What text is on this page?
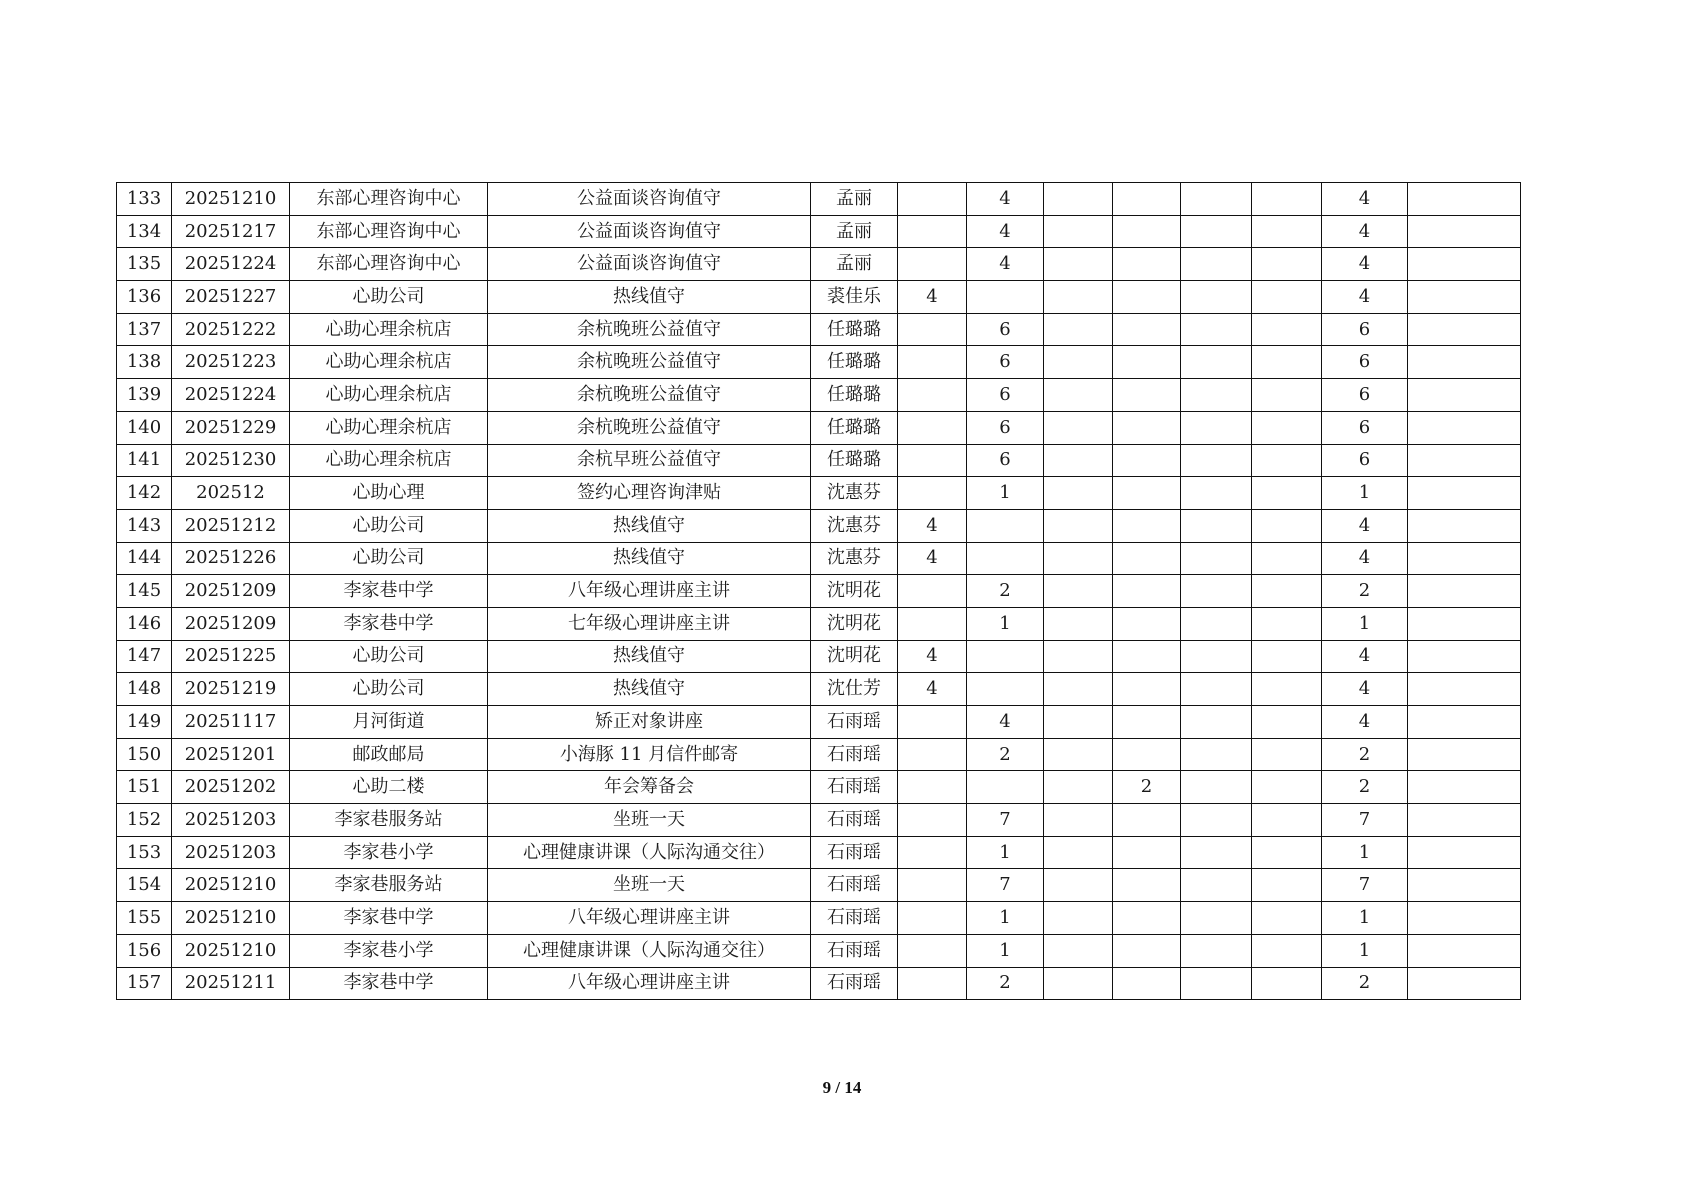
133	20251210	东部心理咨询中心	公益面谈咨询值守	孟丽		4					4	
134	20251217	东部心理咨询中心	公益面谈咨询值守	孟丽		4					4	
135	20251224	东部心理咨询中心	公益面谈咨询值守	孟丽		4					4	
136	20251227	心助公司	热线值守	裘佳乐	4						4	
137	20251222	心助心理余杭店	余杭晚班公益值守	任璐璐		6					6	
138	20251223	心助心理余杭店	余杭晚班公益值守	任璐璐		6					6	
139	20251224	心助心理余杭店	余杭晚班公益值守	任璐璐		6					6	
140	20251229	心助心理余杭店	余杭晚班公益值守	任璐璐		6					6	
141	20251230	心助心理余杭店	余杭早班公益值守	任璐璐		6					6	
142	202512	心助心理	签约心理咨询津贴	沈惠芬		1					1	
143	20251212	心助公司	热线值守	沈惠芬	4						4	
144	20251226	心助公司	热线值守	沈惠芬	4						4	
145	20251209	李家巷中学	八年级心理讲座主讲	沈明花		2					2	
146	20251209	李家巷中学	七年级心理讲座主讲	沈明花		1					1	
147	20251225	心助公司	热线值守	沈明花	4						4	
148	20251219	心助公司	热线值守	沈仕芳	4						4	
149	20251117	月河街道	矫正对象讲座	石雨瑶		4					4	
150	20251201	邮政邮局	小海豚 11 月信件邮寄	石雨瑶		2					2	
151	20251202	心助二楼	年会筹备会	石雨瑶				2			2	
152	20251203	李家巷服务站	坐班一天	石雨瑶		7					7	
153	20251203	李家巷小学	心理健康讲课（人际沟通交往）	石雨瑶		1					1	
154	20251210	李家巷服务站	坐班一天	石雨瑶		7					7	
155	20251210	李家巷中学	八年级心理讲座主讲	石雨瑶		1					1	
156	20251210	李家巷小学	心理健康讲课（人际沟通交往）	石雨瑶		1					1	
157	20251211	李家巷中学	八年级心理讲座主讲	石雨瑶		2					2	
9 / 14
